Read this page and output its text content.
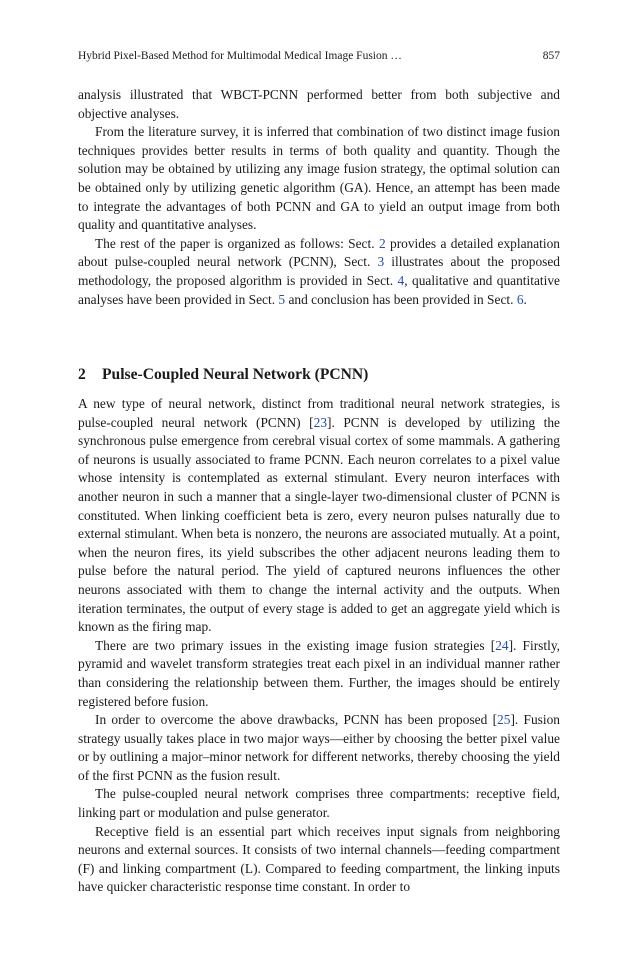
Hybrid Pixel-Based Method for Multimodal Medical Image Fusion …	857

analysis illustrated that WBCT-PCNN performed better from both subjective and objective analyses.

From the literature survey, it is inferred that combination of two distinct image fusion techniques provides better results in terms of both quality and quantity. Though the solution may be obtained by utilizing any image fusion strategy, the optimal solution can be obtained only by utilizing genetic algorithm (GA). Hence, an attempt has been made to integrate the advantages of both PCNN and GA to yield an output image from both quality and quantitative analyses.

The rest of the paper is organized as follows: Sect. 2 provides a detailed explanation about pulse-coupled neural network (PCNN), Sect. 3 illustrates about the proposed methodology, the proposed algorithm is provided in Sect. 4, qualitative and quantitative analyses have been provided in Sect. 5 and conclusion has been provided in Sect. 6.

2 Pulse-Coupled Neural Network (PCNN)

A new type of neural network, distinct from traditional neural network strategies, is pulse-coupled neural network (PCNN) [23]. PCNN is developed by utilizing the synchronous pulse emergence from cerebral visual cortex of some mammals. A gathering of neurons is usually associated to frame PCNN. Each neuron correlates to a pixel value whose intensity is contemplated as external stimulant. Every neuron interfaces with another neuron in such a manner that a single-layer two-dimensional cluster of PCNN is constituted. When linking coefficient beta is zero, every neuron pulses naturally due to external stimulant. When beta is nonzero, the neurons are associated mutually. At a point, when the neuron fires, its yield subscribes the other adjacent neurons leading them to pulse before the natural period. The yield of captured neurons influences the other neurons associated with them to change the internal activity and the outputs. When iteration terminates, the output of every stage is added to get an aggregate yield which is known as the firing map.

There are two primary issues in the existing image fusion strategies [24]. Firstly, pyramid and wavelet transform strategies treat each pixel in an individual manner rather than considering the relationship between them. Further, the images should be entirely registered before fusion.

In order to overcome the above drawbacks, PCNN has been proposed [25]. Fusion strategy usually takes place in two major ways—either by choosing the better pixel value or by outlining a major–minor network for different networks, thereby choosing the yield of the first PCNN as the fusion result.

The pulse-coupled neural network comprises three compartments: receptive field, linking part or modulation and pulse generator.

Receptive field is an essential part which receives input signals from neighboring neurons and external sources. It consists of two internal channels—feeding compartment (F) and linking compartment (L). Compared to feeding compartment, the linking inputs have quicker characteristic response time constant. In order to
